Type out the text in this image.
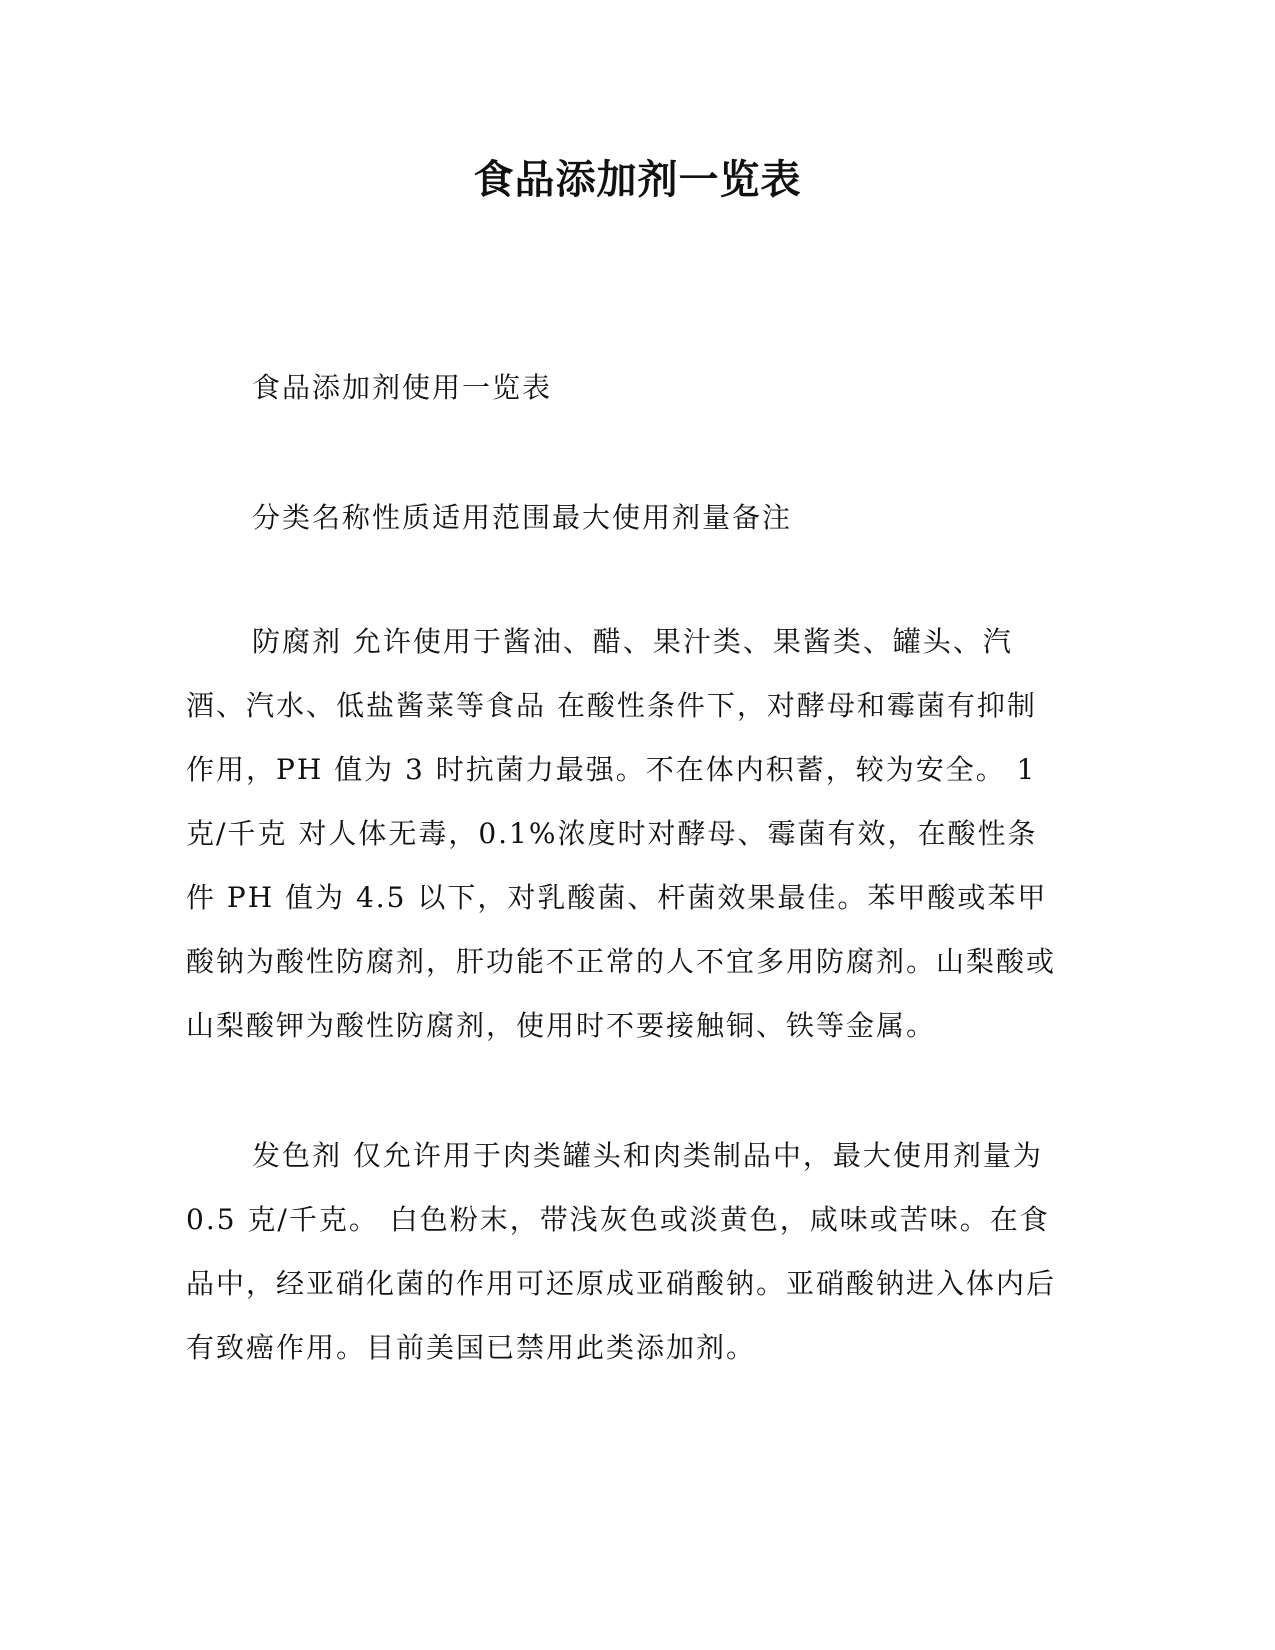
食品添加剂一览表

食品添加剂使用一览表

分类名称性质适用范围最大使用剂量备注

防腐剂 允许使用于酱油、醋、果汁类、果酱类、罐头、汽酒、汽水、低盐酱菜等食品 在酸性条件下，对酵母和霉菌有抑制作用，PH 值为 3 时抗菌力最强。不在体内积蓄，较为安全。 1 克/千克 对人体无毒，0.1%浓度时对酵母、霉菌有效，在酸性条件 PH 值为 4.5 以下，对乳酸菌、杆菌效果最佳。苯甲酸或苯甲酸钠为酸性防腐剂，肝功能不正常的人不宜多用防腐剂。山梨酸或山梨酸钾为酸性防腐剂，使用时不要接触铜、铁等金属。

发色剂 仅允许用于肉类罐头和肉类制品中，最大使用剂量为 0.5 克/千克。 白色粉末，带浅灰色或淡黄色，咸味或苦味。在食品中，经亚硝化菌的作用可还原成亚硝酸钠。亚硝酸钠进入体内后有致癌作用。目前美国已禁用此类添加剂。
